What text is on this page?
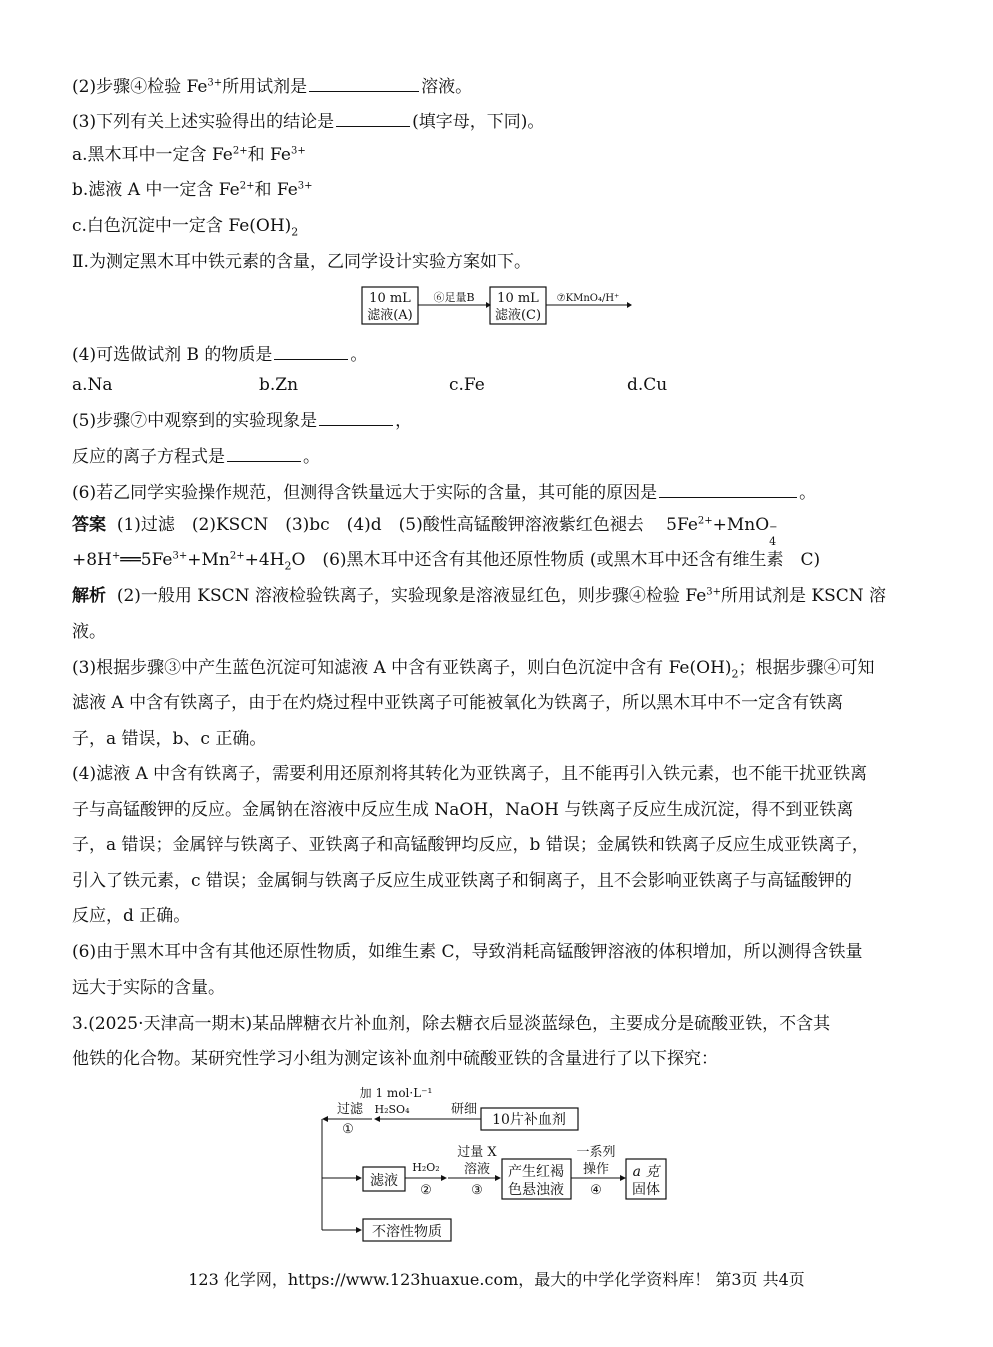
(2)步骤④检验 $Fe^{3+}$所用试剂是	溶液。
(3)下列有关上述实验得出的结论是	(填字母，下同)。
a.黑木耳中一定含 $Fe^{2+}$和 $Fe^{3+}$
b.滤液 A 中一定含 $Fe^{2+}$和 $Fe^{3+}$
c.白色沉淀中一定含 $Fe(OH)_2$
Ⅱ.为测定黑木耳中铁元素的含量，乙同学设计实验方案如下。
10 mL
滤液(A)
⑥足量B 10 mL
滤液(C)
⑦KMnO₄/H⁺
(4)可选做试剂 B 的物质是	。
a.Na	b.Zn	c.Fe	d.Cu
(5)步骤⑦中观察到的实验现象是	，
反应的离子方程式是	。
(6)若乙同学实验操作规范，但测得含铁量远大于实际的含量，其可能的原因是	。
答案 (1)过滤　(2)KSCN　(3)bc　(4)d　(5)酸性高锰酸钾溶液紫红色褪去　 $5Fe^{2+}+MnO$ −
4
$+8H^+══5Fe^{3+}+Mn^{2+}+4H_2O$　(6)黑木耳中还含有其他还原性物质 (或黑木耳中还含有维生素　C)
解析 (2)一般用 KSCN 溶液检验铁离子，实验现象是溶液显红色，则步骤④检验 $Fe^{3+}$所用试剂是 KSCN 溶
液。
(3)根据步骤③中产生蓝色沉淀可知滤液 A 中含有亚铁离子，则白色沉淀中含有 $Fe(OH)_2$；根据步骤④可知
滤液 A 中含有铁离子，由于在灼烧过程中亚铁离子可能被氧化为铁离子，所以黑木耳中不一定含有铁离
子，a 错误，b、c 正确。
(4)滤液 A 中含有铁离子，需要利用还原剂将其转化为亚铁离子，且不能再引入铁元素，也不能干扰亚铁离
子与高锰酸钾的反应。金属钠在溶液中反应生成 NaOH，NaOH 与铁离子反应生成沉淀，得不到亚铁离
子，a 错误；金属锌与铁离子、亚铁离子和高锰酸钾均反应，b 错误；金属铁和铁离子反应生成亚铁离子，
引入了铁元素，c 错误；金属铜与铁离子反应生成亚铁离子和铜离子，且不会影响亚铁离子与高锰酸钾的
反应，d 正确。
(6)由于黑木耳中含有其他还原性物质，如维生素 C，导致消耗高锰酸钾溶液的体积增加，所以测得含铁量
远大于实际的含量。
3.(2025·天津高一期末)某品牌糖衣片补血剂，除去糖衣后显淡蓝绿色，主要成分是硫酸亚铁，不含其
他铁的化合物。某研究性学习小组为测定该补血剂中硫酸亚铁的含量进行了以下探究：
加 1 mol·L⁻¹
H₂SO₄	研细
10片补血剂
过滤
①
滤液
H₂O₂
②
过量 X
溶液
③
产生红褐
色悬浊液
一系列
操作
④
a 克
固体
不溶性物质
123 化学网，https://www.123huaxue.com，最大的中学化学资料库！ 第3页 共4页
